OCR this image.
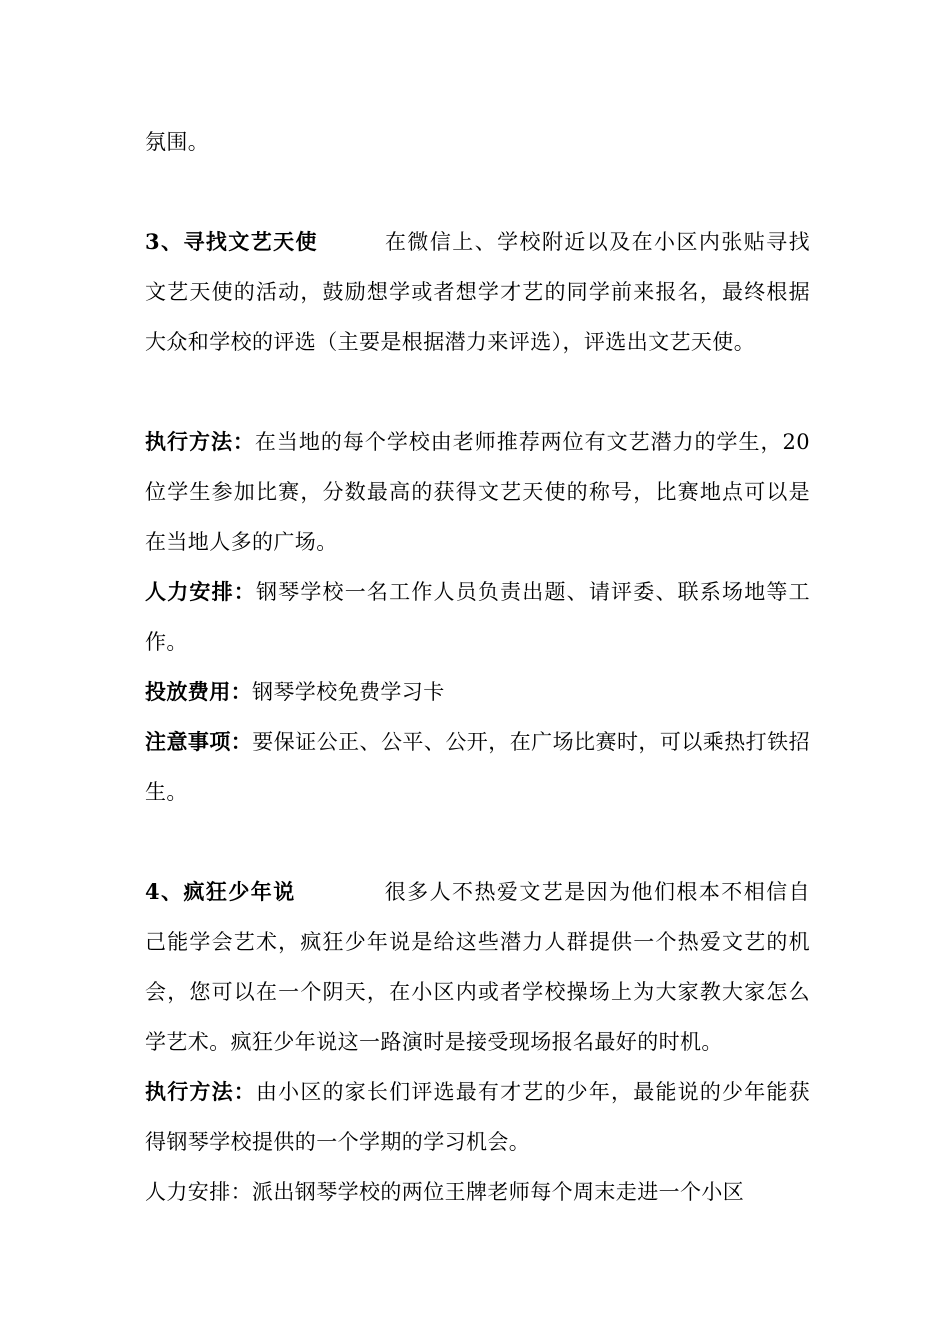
氛围。
3、寻找文艺天使	在微信上、学校附近以及在小区内张贴寻找
文艺天使的活动，鼓励想学或者想学才艺的同学前来报名，最终根据
大众和学校的评选（主要是根据潜力来评选），评选出文艺天使。
执行方法：在当地的每个学校由老师推荐两位有文艺潜力的学生，20
位学生参加比赛，分数最高的获得文艺天使的称号，比赛地点可以是
在当地人多的广场。
人力安排：钢琴学校一名工作人员负责出题、请评委、联系场地等工
作。
投放费用：钢琴学校免费学习卡
注意事项：要保证公正、公平、公开，在广场比赛时，可以乘热打铁招
生。
4、疯狂少年说	很多人不热爱文艺是因为他们根本不相信自
己能学会艺术，疯狂少年说是给这些潜力人群提供一个热爱文艺的机
会，您可以在一个阴天，在小区内或者学校操场上为大家教大家怎么
学艺术。疯狂少年说这一路演时是接受现场报名最好的时机。
执行方法：由小区的家长们评选最有才艺的少年，最能说的少年能获
得钢琴学校提供的一个学期的学习机会。
人力安排：派出钢琴学校的两位王牌老师每个周末走进一个小区
